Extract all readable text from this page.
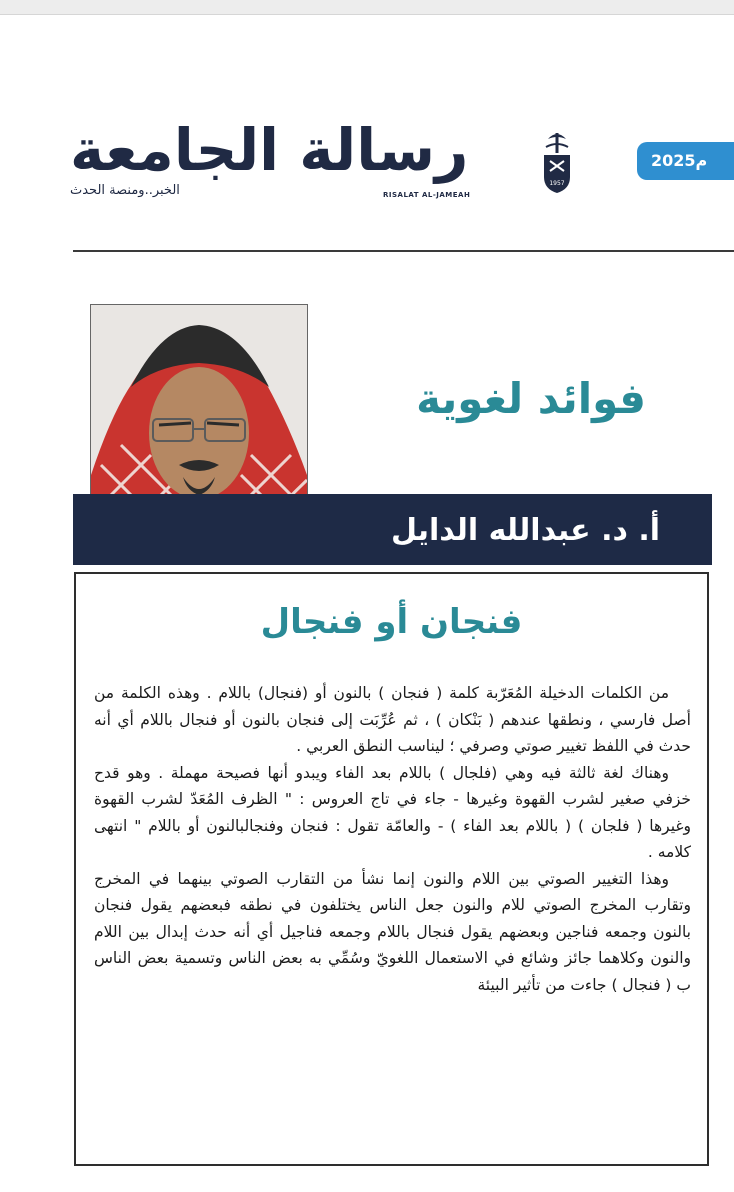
2025م
رسالة الجامعة
RISALAT AL-JAMEAH
الخبر..ومنصة الحدث	1957
فوائد لغوية
أ. د. عبدالله الدايل
فنجان أو فنجال

من الكلمات الدخيلة المُعَرّبة كلمة ( فنجان ) بالنون أو (فنجال) باللام . وهذه الكلمة من أصل فارسي ، ونطقها عندهم ( بَنْكان ) ، ثم عُرِّبَت إلى فنجان بالنون أو فنجال باللام أي أنه حدث في اللفظ تغيير صوتي وصرفي ؛ ليناسب النطق العربي .

وهناك لغة ثالثة فيه وهي (فلجال ) باللام بعد الفاء ويبدو أنها فصيحة مهملة . وهو قدح خزفي صغير لشرب القهوة وغيرها - جاء في تاج العروس : " الظرف المُعَدّ لشرب القهوة وغيرها ( فلجان ) ( باللام بعد الفاء ) - والعامّة تقول : فنجان وفنجالبالنون أو باللام " انتهى كلامه .

وهذا التغيير الصوتي بين اللام والنون إنما نشأ من التقارب الصوتي بينهما في المخرج وتقارب المخرج الصوتي للام والنون جعل الناس يختلفون في نطقه فبعضهم يقول فنجان بالنون وجمعه فناجين وبعضهم يقول فنجال باللام وجمعه فناجيل أي أنه حدث إبدال بين اللام والنون وكلاهما جائز وشائع في الاستعمال اللغويّ وسُمِّي به بعض الناس وتسمية بعض الناس ب ( فنجال ) جاءت من تأثير البيئة
